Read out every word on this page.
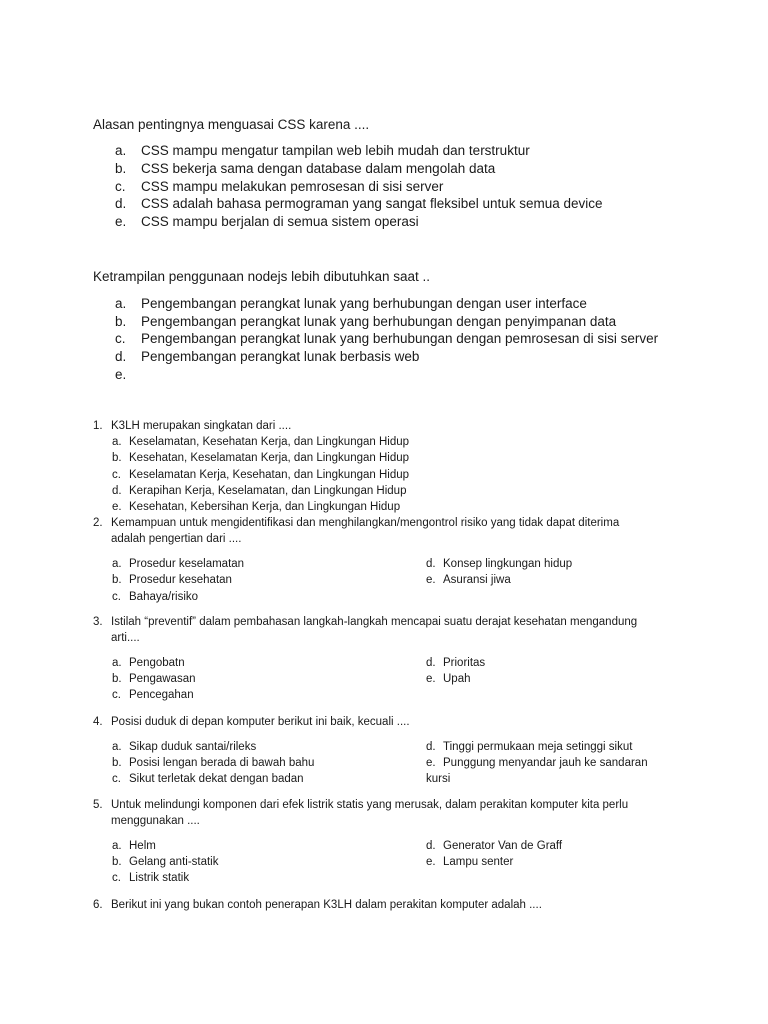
Alasan pentingnya menguasai CSS karena ....
a. CSS mampu mengatur tampilan web lebih mudah dan terstruktur
b. CSS bekerja sama dengan database dalam mengolah data
c. CSS mampu melakukan pemrosesan di sisi server
d. CSS adalah bahasa permograman yang sangat fleksibel untuk semua device
e. CSS mampu berjalan di semua sistem operasi
Ketrampilan penggunaan nodejs lebih dibutuhkan saat ..
a. Pengembangan perangkat lunak yang berhubungan dengan user interface
b. Pengembangan perangkat lunak yang berhubungan dengan penyimpanan data
c. Pengembangan perangkat lunak yang berhubungan dengan pemrosesan di sisi server
d. Pengembangan perangkat lunak berbasis web
e.
1. K3LH merupakan singkatan dari ....
a. Keselamatan, Kesehatan Kerja, dan Lingkungan Hidup
b. Kesehatan, Keselamatan Kerja, dan Lingkungan Hidup
c. Keselamatan Kerja, Kesehatan, dan Lingkungan Hidup
d. Kerapihan Kerja, Keselamatan, dan Lingkungan Hidup
e. Kesehatan, Kebersihan Kerja, dan Lingkungan Hidup
2. Kemampuan untuk mengidentifikasi dan menghilangkan/mengontrol risiko yang tidak dapat diterima
adalah pengertian dari ....
a. Prosedur keselamatan
b. Prosedur kesehatan
c. Bahaya/risiko
d. Konsep lingkungan hidup
e. Asuransi jiwa
3. Istilah “preventif” dalam pembahasan langkah-langkah mencapai suatu derajat kesehatan mengandung
arti....
a. Pengobatn
b. Pengawasan
c. Pencegahan
d. Prioritas
e. Upah
4. Posisi duduk di depan komputer berikut ini baik, kecuali ....
a. Sikap duduk santai/rileks
b. Posisi lengan berada di bawah bahu
c. Sikut terletak dekat dengan badan
d. Tinggi permukaan meja setinggi sikut
e. Punggung menyandar jauh ke sandaran
kursi
5. Untuk melindungi komponen dari efek listrik statis yang merusak, dalam perakitan komputer kita perlu
menggunakan ....
a. Helm
b. Gelang anti-statik
c. Listrik statik
d. Generator Van de Graff
e. Lampu senter
6. Berikut ini yang bukan contoh penerapan K3LH dalam perakitan komputer adalah ....
